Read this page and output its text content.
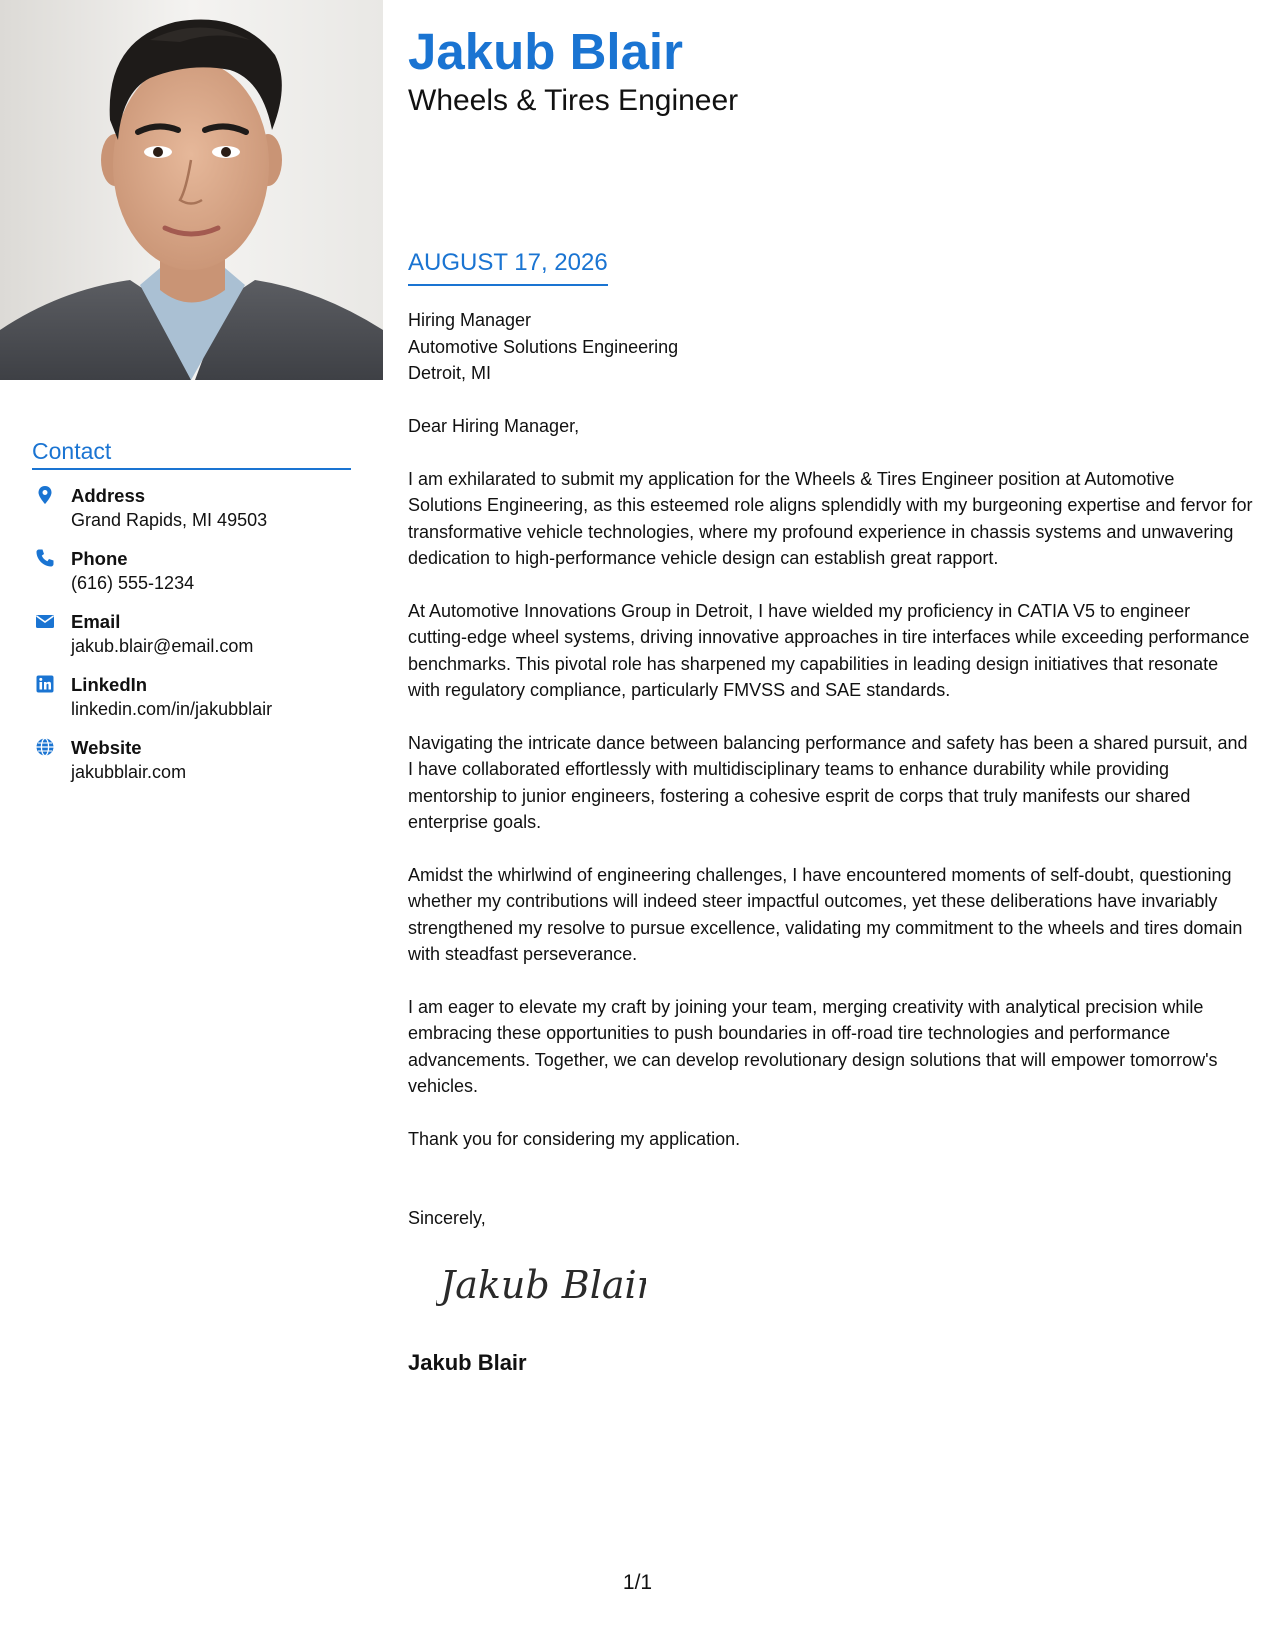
Contact
Address
Grand Rapids, MI 49503
Phone
(616) 555-1234
Email
jakub.blair@email.com
LinkedIn
linkedin.com/in/jakubblair
Website
jakubblair.com
Jakub Blair
Wheels & Tires Engineer
AUGUST 17, 2026
Hiring Manager
Automotive Solutions Engineering
Detroit, MI

Dear Hiring Manager,

I am exhilarated to submit my application for the Wheels & Tires Engineer position at Automotive Solutions Engineering, as this esteemed role aligns splendidly with my burgeoning expertise and fervor for transformative vehicle technologies, where my profound experience in chassis systems and unwavering dedication to high-performance vehicle design can establish great rapport.

At Automotive Innovations Group in Detroit, I have wielded my proficiency in CATIA V5 to engineer cutting-edge wheel systems, driving innovative approaches in tire interfaces while exceeding performance benchmarks. This pivotal role has sharpened my capabilities in leading design initiatives that resonate with regulatory compliance, particularly FMVSS and SAE standards.

Navigating the intricate dance between balancing performance and safety has been a shared pursuit, and I have collaborated effortlessly with multidisciplinary teams to enhance durability while providing mentorship to junior engineers, fostering a cohesive esprit de corps that truly manifests our shared enterprise goals.

Amidst the whirlwind of engineering challenges, I have encountered moments of self-doubt, questioning whether my contributions will indeed steer impactful outcomes, yet these deliberations have invariably strengthened my resolve to pursue excellence, validating my commitment to the wheels and tires domain with steadfast perseverance.

I am eager to elevate my craft by joining your team, merging creativity with analytical precision while embracing these opportunities to push boundaries in off-road tire technologies and performance advancements. Together, we can develop revolutionary design solutions that will empower tomorrow's vehicles.

Thank you for considering my application.

Sincerely,
Jakub Blair
Jakub Blair
1/1
